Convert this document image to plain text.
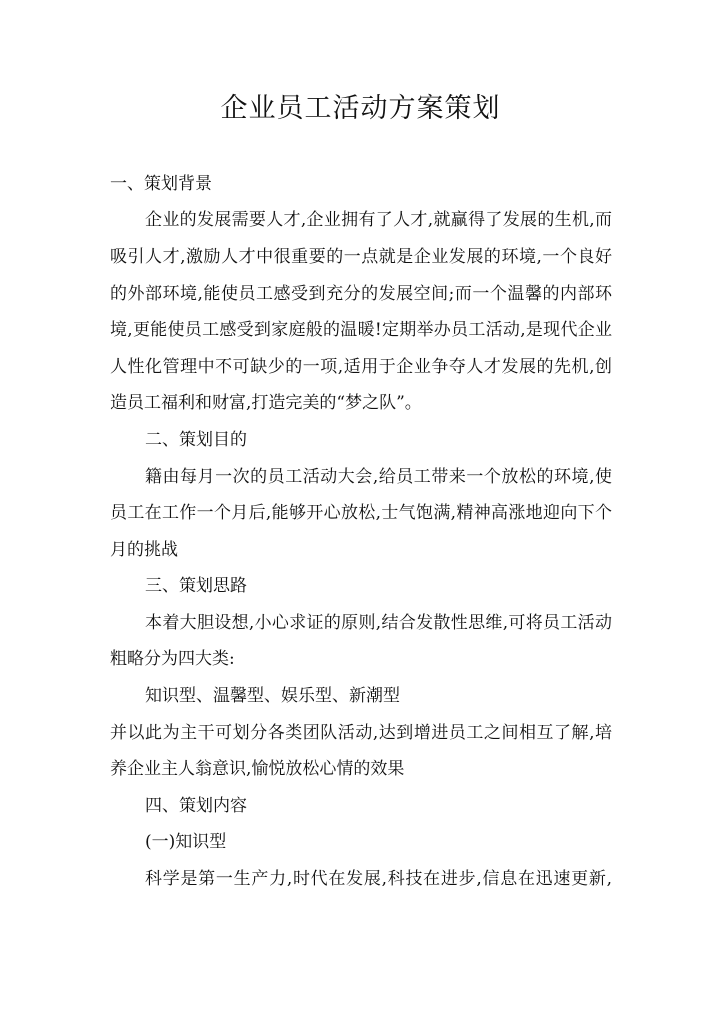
企业员工活动方案策划
一、策划背景
企业的发展需要人才,企业拥有了人才,就赢得了发展的生机,而
吸引人才,激励人才中很重要的一点就是企业发展的环境,一个良好
的外部环境,能使员工感受到充分的发展空间;而一个温馨的内部环
境,更能使员工感受到家庭般的温暖!定期举办员工活动,是现代企业
人性化管理中不可缺少的一项,适用于企业争夺人才发展的先机,创
造员工福利和财富,打造完美的“梦之队”。
二、策划目的
籍由每月一次的员工活动大会,给员工带来一个放松的环境,使
员工在工作一个月后,能够开心放松,士气饱满,精神高涨地迎向下个
月的挑战
三、策划思路
本着大胆设想,小心求证的原则,结合发散性思维,可将员工活动
粗略分为四大类:
知识型、温馨型、娱乐型、新潮型
并以此为主干可划分各类团队活动,达到增进员工之间相互了解,培
养企业主人翁意识,愉悦放松心情的效果
四、策划内容
(一)知识型
科学是第一生产力,时代在发展,科技在进步,信息在迅速更新,
